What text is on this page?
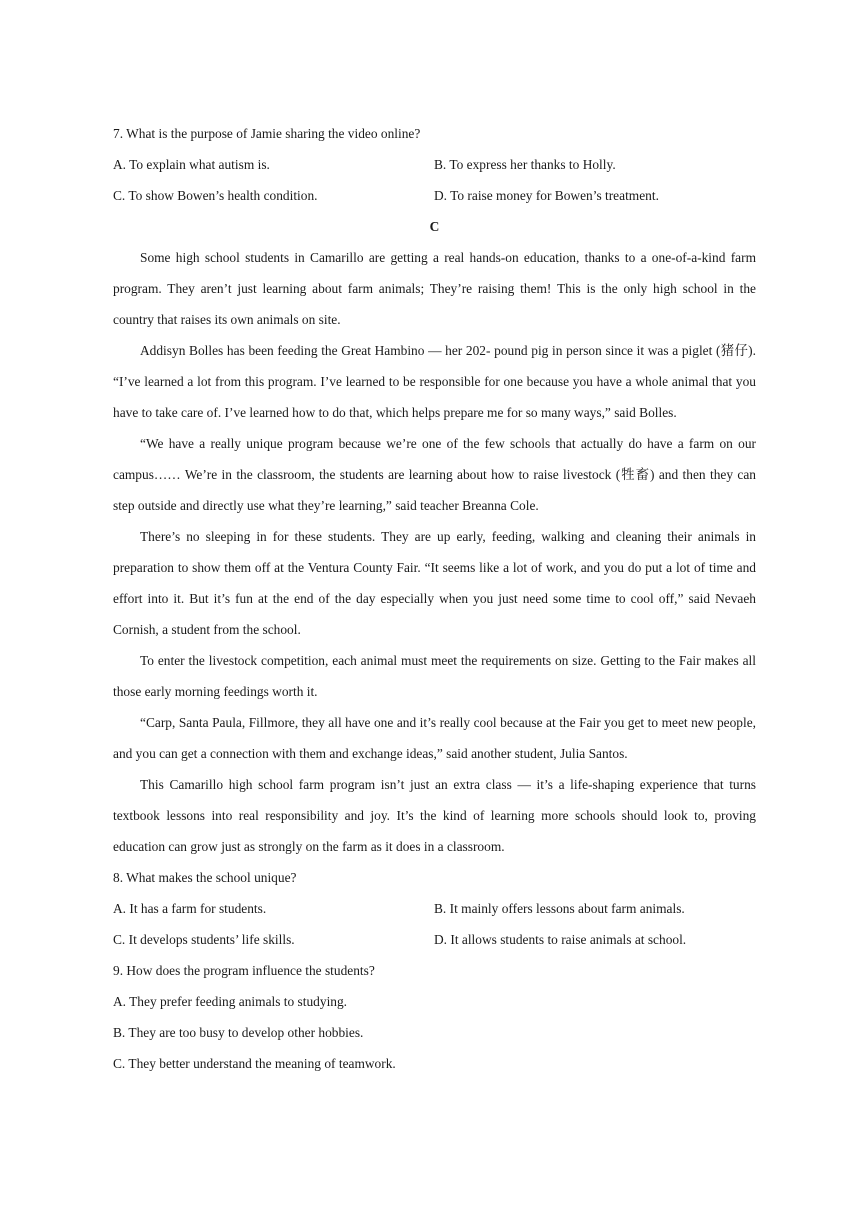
7. What is the purpose of Jamie sharing the video online?
A. To explain what autism is.	B. To express her thanks to Holly.
C. To show Bowen’s health condition.	D. To raise money for Bowen’s treatment.
C

Some high school students in Camarillo are getting a real hands-on education, thanks to a one-of-a-kind farm program. They aren’t just learning about farm animals; They’re raising them! This is the only high school in the country that raises its own animals on site.

Addisyn Bolles has been feeding the Great Hambino — her 202- pound pig in person since it was a piglet (猪仔). “I’ve learned a lot from this program. I’ve learned to be responsible for one because you have a whole animal that you have to take care of. I’ve learned how to do that, which helps prepare me for so many ways,” said Bolles.

“We have a really unique program because we’re one of the few schools that actually do have a farm on our campus…… We’re in the classroom, the students are learning about how to raise livestock (牲畜) and then they can step outside and directly use what they’re learning,” said teacher Breanna Cole.

There’s no sleeping in for these students. They are up early, feeding, walking and cleaning their animals in preparation to show them off at the Ventura County Fair. “It seems like a lot of work, and you do put a lot of time and effort into it. But it’s fun at the end of the day especially when you just need some time to cool off,” said Nevaeh Cornish, a student from the school.

To enter the livestock competition, each animal must meet the requirements on size. Getting to the Fair makes all those early morning feedings worth it.

“Carp, Santa Paula, Fillmore, they all have one and it’s really cool because at the Fair you get to meet new people, and you can get a connection with them and exchange ideas,” said another student, Julia Santos.

This Camarillo high school farm program isn’t just an extra class — it’s a life-shaping experience that turns textbook lessons into real responsibility and joy. It’s the kind of learning more schools should look to, proving education can grow just as strongly on the farm as it does in a classroom.

8. What makes the school unique?
A. It has a farm for students.	B. It mainly offers lessons about farm animals.
C. It develops students’ life skills.	D. It allows students to raise animals at school.
9. How does the program influence the students?
A. They prefer feeding animals to studying.
B. They are too busy to develop other hobbies.
C. They better understand the meaning of teamwork.
